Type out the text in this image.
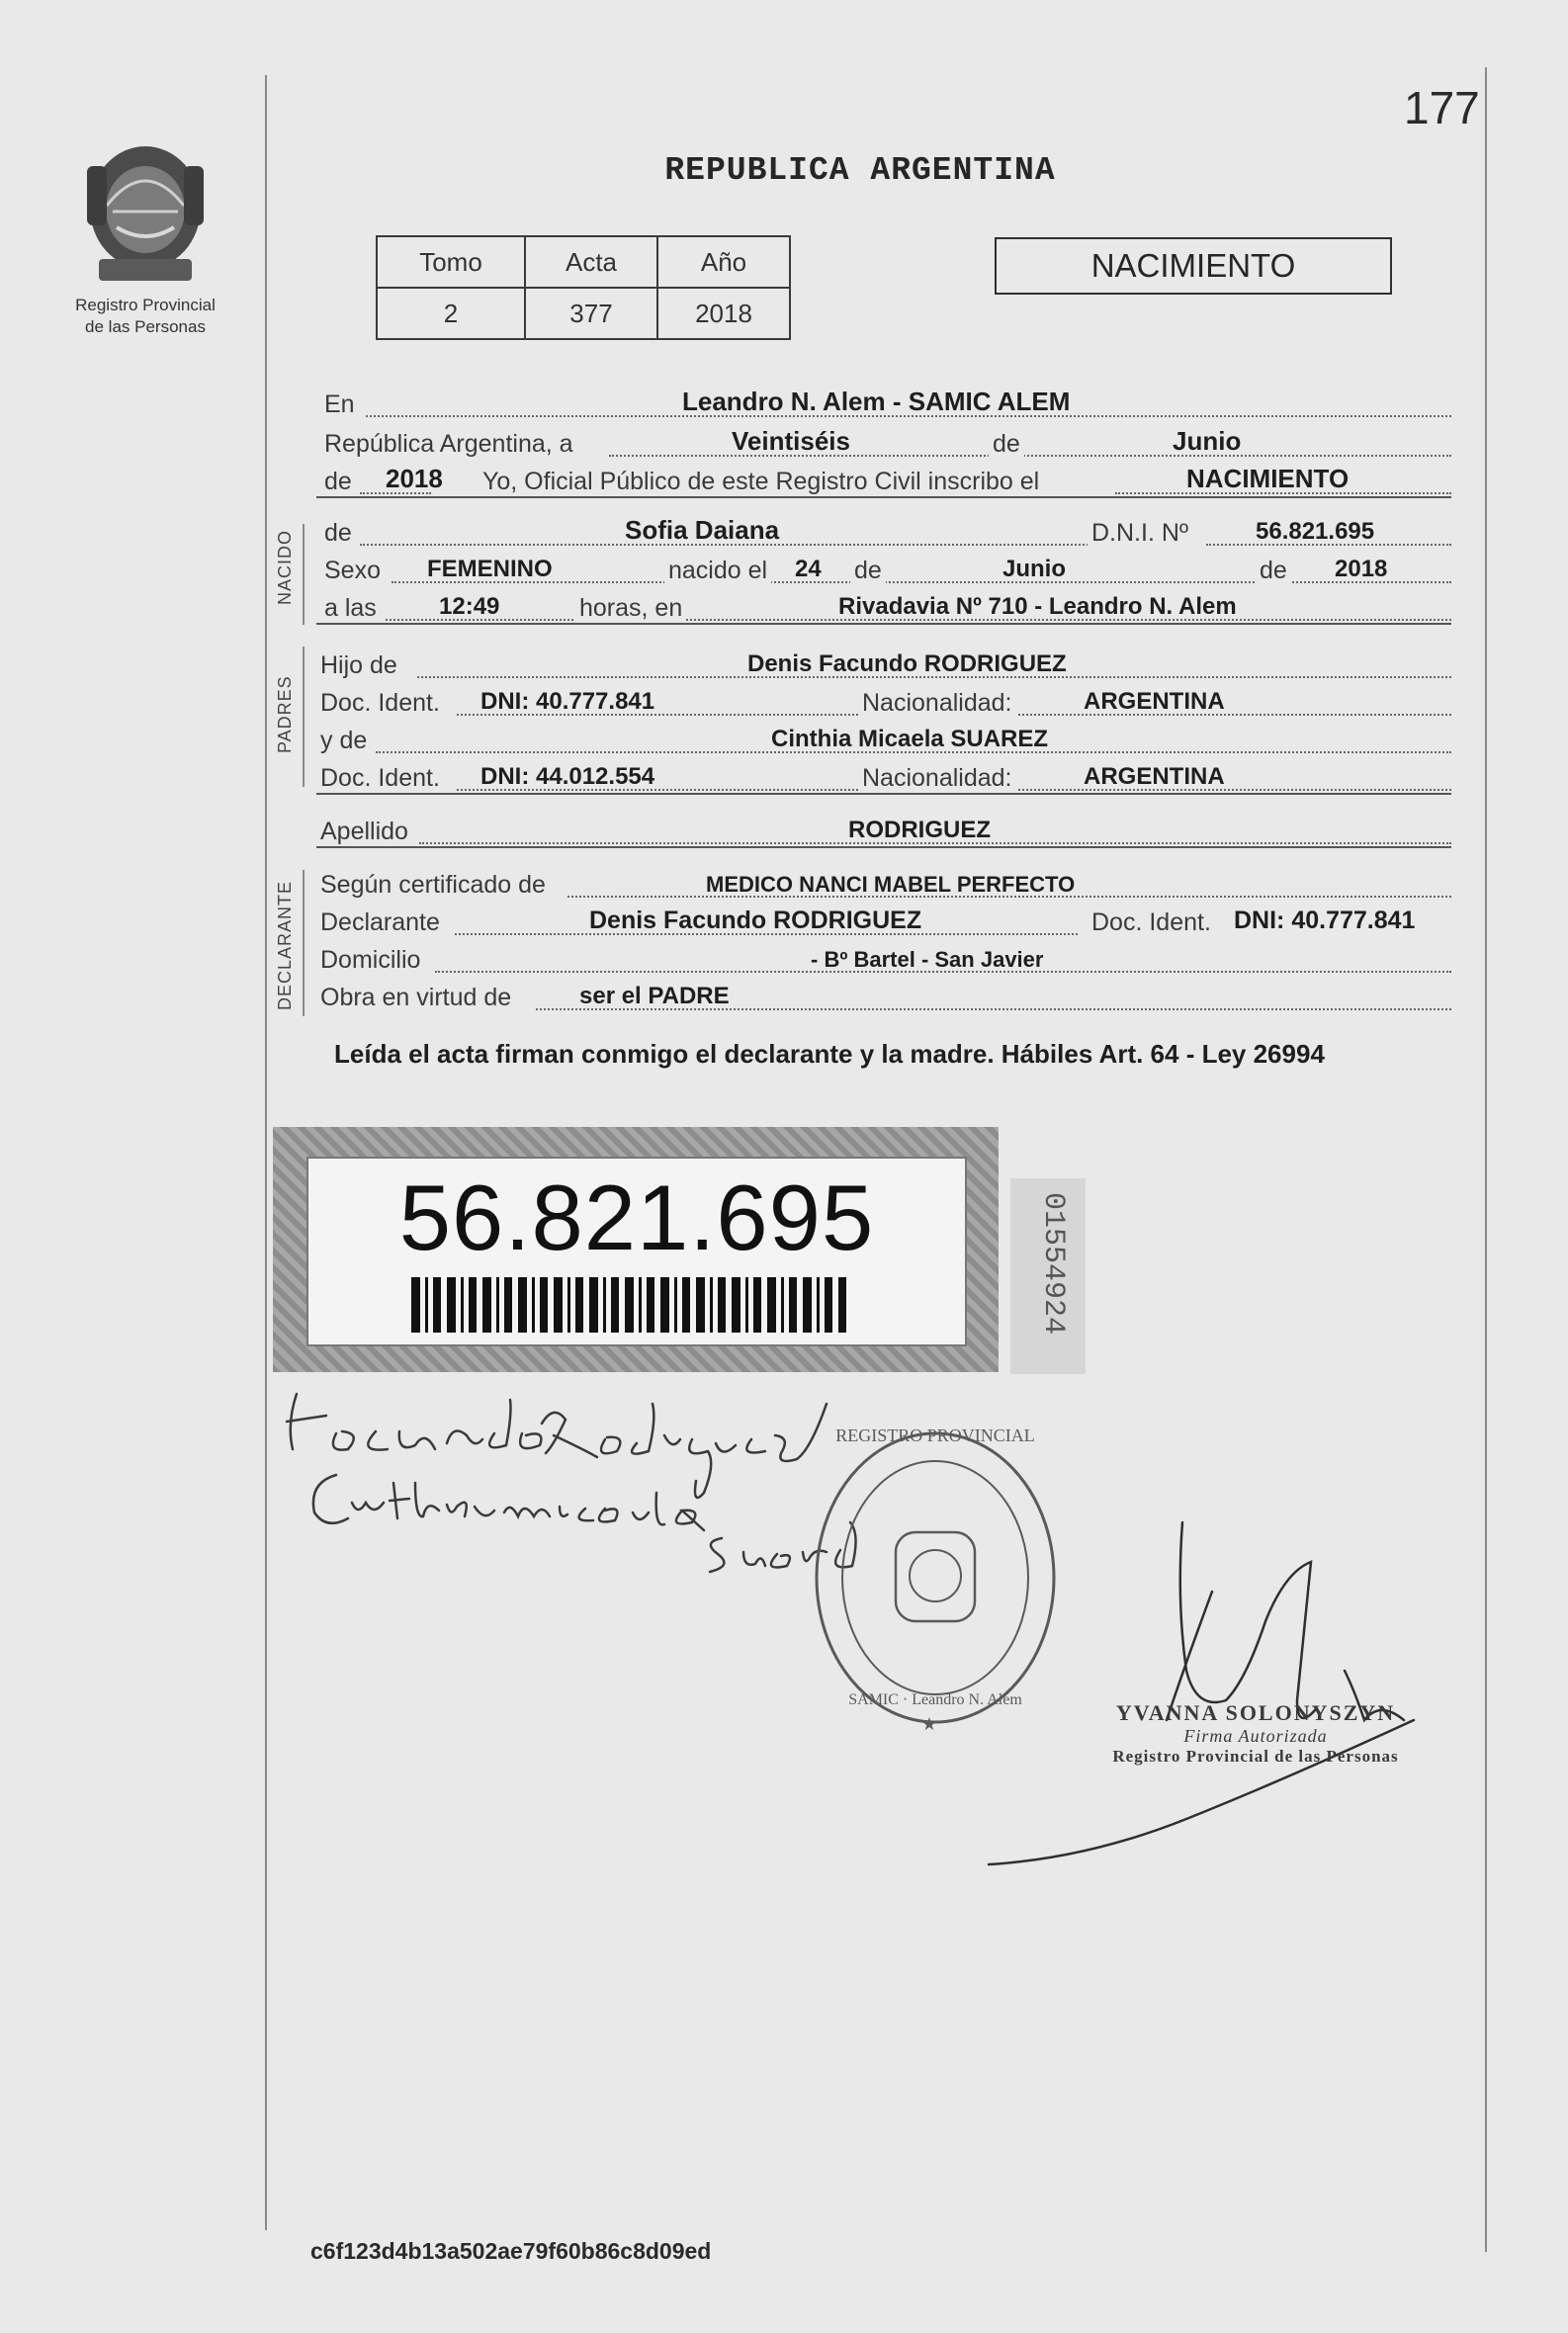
177
Registro Provincial
de las Personas
REPUBLICA ARGENTINA
Tomo	Acta	Año
2	377	2018
NACIMIENTO
En	Leandro N. Alem - SAMIC ALEM
República Argentina, a	Veintiséis	de	Junio
de 2018 Yo, Oficial Público de este Registro Civil inscribo el	NACIMIENTO
NACIDO de	Sofia Daiana	D.N.I. Nº	56.821.695
Sexo FEMENINO	nacido el 24 de	Junio	de 2018
a las	12:49	horas, en	Rivadavia Nº 710 - Leandro N. Alem
PADRES
Hijo de	Denis Facundo RODRIGUEZ
Doc. Ident. DNI: 40.777.841	Nacionalidad:	ARGENTINA
y de	Cinthia Micaela SUAREZ
Doc. Ident. DNI: 44.012.554	Nacionalidad:	ARGENTINA
Apellido	RODRIGUEZ
DECLARANTE Según certificado de	MEDICO NANCI MABEL PERFECTO
Declarante	Denis Facundo RODRIGUEZ	Doc. Ident. DNI: 40.777.841
Domicilio	- Bº Bartel - San Javier
Obra en virtud de	ser el PADRE
Leída el acta firman conmigo el declarante y la madre. Hábiles Art. 64 - Ley 26994
56.821.695	01554924
REGISTRO PROVINCIAL
SAMIC · Leandro N. Alem
★	YVANNA SOLONYSZYN
Firma Autorizada
Registro Provincial de las Personas
c6f123d4b13a502ae79f60b86c8d09ed
